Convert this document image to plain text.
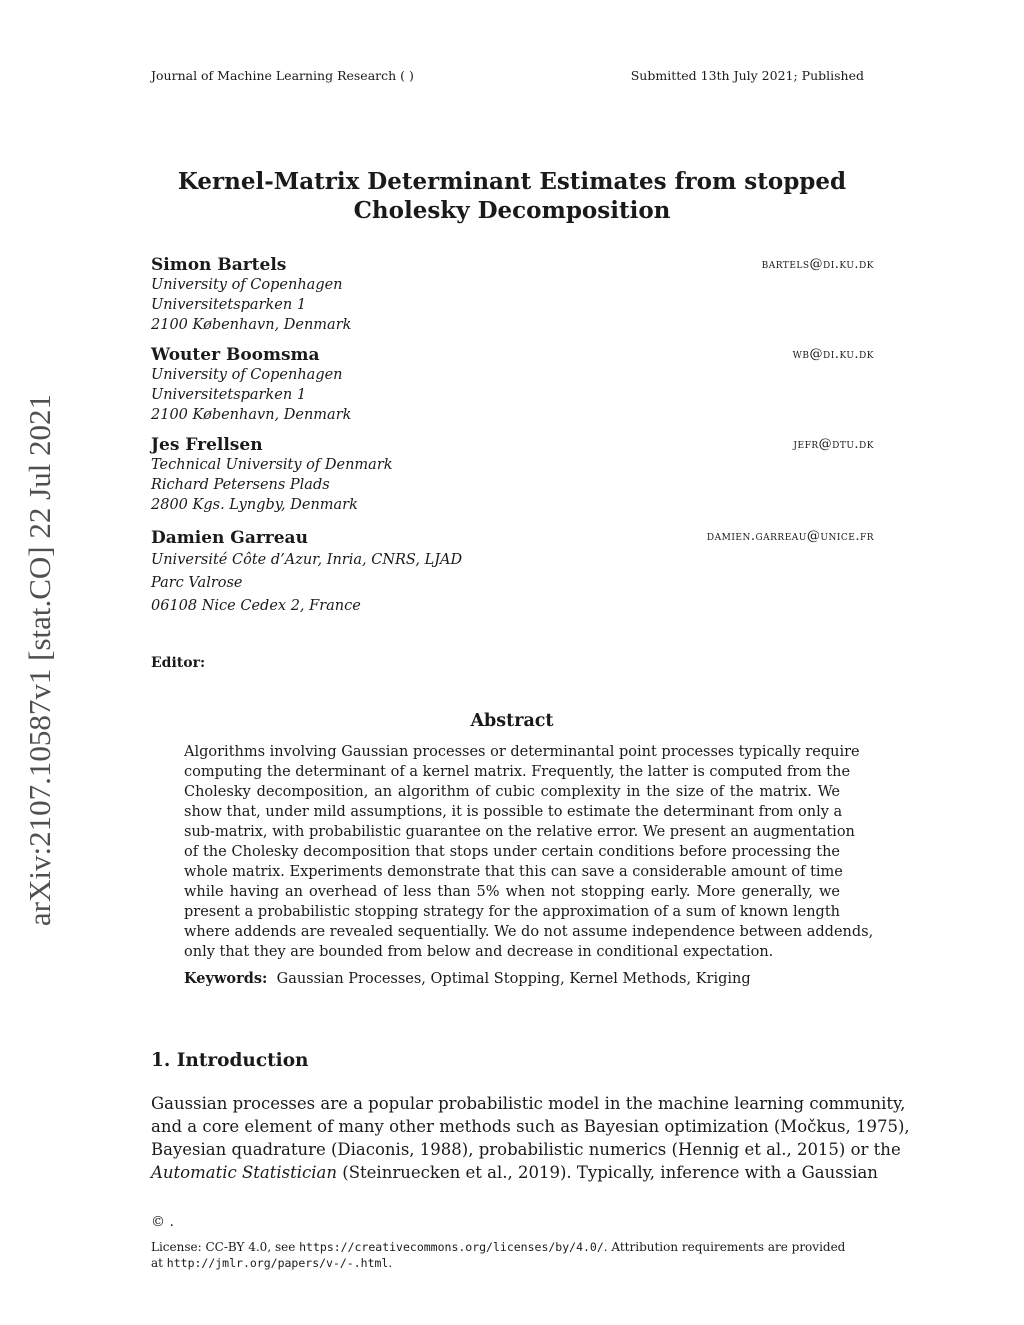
Journal of Machine Learning Research ( )	Submitted 13th July 2021; Published
Kernel-Matrix Determinant Estimates from stopped
Cholesky Decomposition
Simon Bartels	bartels@di.ku.dk
University of Copenhagen
Universitetsparken 1
2100 København, Denmark
Wouter Boomsma	wb@di.ku.dk
University of Copenhagen
Universitetsparken 1
2100 København, Denmark
Jes Frellsen	jefr@dtu.dk
Technical University of Denmark
Richard Petersens Plads
2800 Kgs. Lyngby, Denmark
Damien Garreau	damien.garreau@unice.fr
Université Côte d’Azur, Inria, CNRS, LJAD
Parc Valrose
06108 Nice Cedex 2, France
Editor:
Abstract
Algorithms involving Gaussian processes or determinantal point processes typically require
computing the determinant of a kernel matrix. Frequently, the latter is computed from the
Cholesky decomposition, an algorithm of cubic complexity in the size of the matrix. We
show that, under mild assumptions, it is possible to estimate the determinant from only a
sub-matrix, with probabilistic guarantee on the relative error. We present an augmentation
of the Cholesky decomposition that stops under certain conditions before processing the
whole matrix. Experiments demonstrate that this can save a considerable amount of time
while having an overhead of less than 5% when not stopping early. More generally, we
present a probabilistic stopping strategy for the approximation of a sum of known length
where addends are revealed sequentially. We do not assume independence between addends,
only that they are bounded from below and decrease in conditional expectation.
Keywords: Gaussian Processes, Optimal Stopping, Kernel Methods, Kriging
1. Introduction
Gaussian processes are a popular probabilistic model in the machine learning community,
and a core element of many other methods such as Bayesian optimization (Močkus, 1975),
Bayesian quadrature (Diaconis, 1988), probabilistic numerics (Hennig et al., 2015) or the
Automatic Statistician (Steinruecken et al., 2019). Typically, inference with a Gaussian
© .
License: CC-BY 4.0, see https://creativecommons.org/licenses/by/4.0/. Attribution requirements are provided
at http://jmlr.org/papers/v-/-.html.
arXiv:2107.10587v1 [stat.CO] 22 Jul 2021
